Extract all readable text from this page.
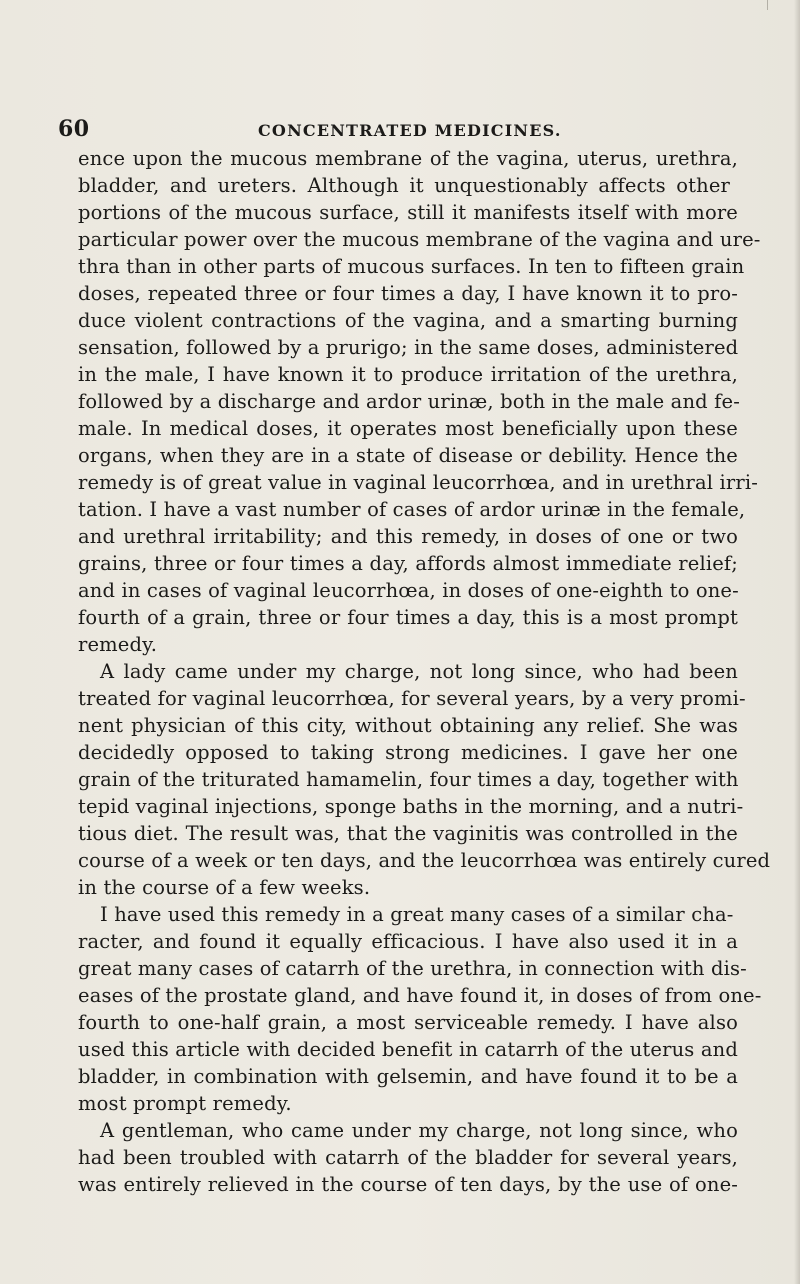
60	CONCENTRATED MEDICINES.
ence upon the mucous membrane of the vagina, uterus, urethra,
bladder, and ureters. Although it unquestionably affects other
portions of the mucous surface, still it manifests itself with more
particular power over the mucous membrane of the vagina and ure-
thra than in other parts of mucous surfaces. In ten to fifteen grain
doses, repeated three or four times a day, I have known it to pro-
duce violent contractions of the vagina, and a smarting burning
sensation, followed by a prurigo; in the same doses, administered
in the male, I have known it to produce irritation of the urethra,
followed by a discharge and ardor urinæ, both in the male and fe-
male. In medical doses, it operates most beneficially upon these
organs, when they are in a state of disease or debility. Hence the
remedy is of great value in vaginal leucorrhœa, and in urethral irri-
tation. I have a vast number of cases of ardor urinæ in the female,
and urethral irritability; and this remedy, in doses of one or two
grains, three or four times a day, affords almost immediate relief;
and in cases of vaginal leucorrhœa, in doses of one-eighth to one-
fourth of a grain, three or four times a day, this is a most prompt
remedy.
A lady came under my charge, not long since, who had been
treated for vaginal leucorrhœa, for several years, by a very promi-
nent physician of this city, without obtaining any relief. She was
decidedly opposed to taking strong medicines. I gave her one
grain of the triturated hamamelin, four times a day, together with
tepid vaginal injections, sponge baths in the morning, and a nutri-
tious diet. The result was, that the vaginitis was controlled in the
course of a week or ten days, and the leucorrhœa was entirely cured
in the course of a few weeks.
I have used this remedy in a great many cases of a similar cha-
racter, and found it equally efficacious. I have also used it in a
great many cases of catarrh of the urethra, in connection with dis-
eases of the prostate gland, and have found it, in doses of from one-
fourth to one-half grain, a most serviceable remedy. I have also
used this article with decided benefit in catarrh of the uterus and
bladder, in combination with gelsemin, and have found it to be a
most prompt remedy.
A gentleman, who came under my charge, not long since, who
had been troubled with catarrh of the bladder for several years,
was entirely relieved in the course of ten days, by the use of one-
